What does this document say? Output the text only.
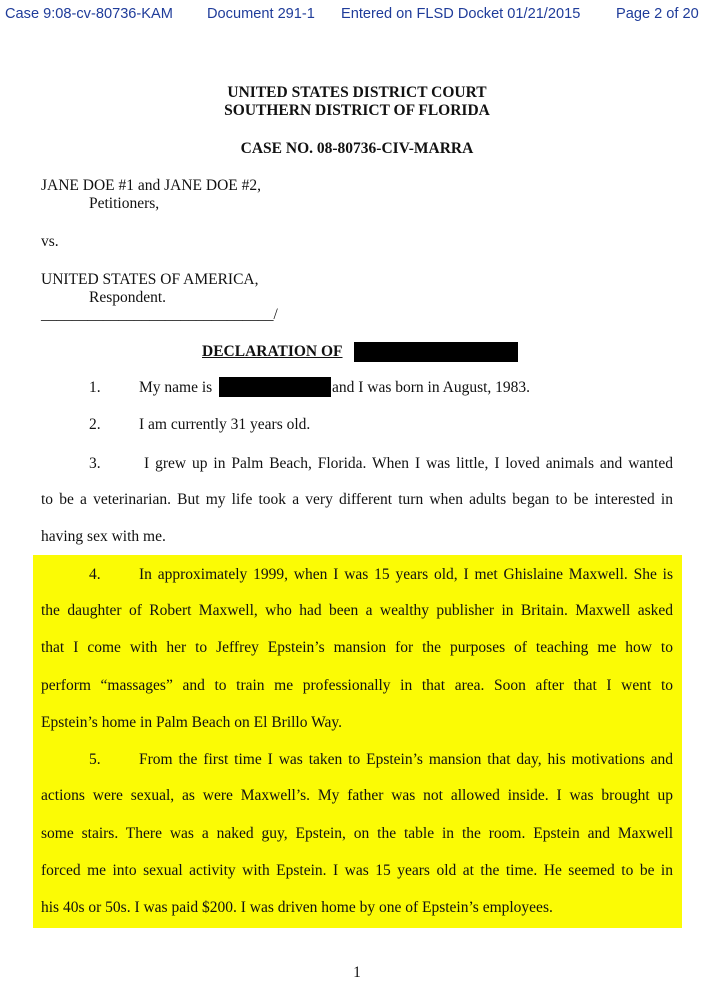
Case 9:08-cv-80736-KAM Document 291-1 Entered on FLSD Docket 01/21/2015 Page 2 of 20
UNITED STATES DISTRICT COURT
SOUTHERN DISTRICT OF FLORIDA
CASE NO. 08-80736-CIV-MARRA
JANE DOE #1 and JANE DOE #2,
Petitioners,
vs.
UNITED STATES OF AMERICA,
Respondent.
______________________________/
DECLARATION OF
1. My name is	and I was born in August, 1983.
2. I am currently 31 years old.
3.	I grew up in Palm Beach, Florida. When I was little, I loved animals and wanted
to be a veterinarian. But my life took a very different turn when adults began to be interested in
having sex with me.
4. In approximately 1999, when I was 15 years old, I met Ghislaine Maxwell. She is
the daughter of Robert Maxwell, who had been a wealthy publisher in Britain. Maxwell asked
that I come with her to Jeffrey Epstein’s mansion for the purposes of teaching me how to
perform “massages” and to train me professionally in that area. Soon after that I went to
Epstein’s home in Palm Beach on El Brillo Way.
5. From the first time I was taken to Epstein’s mansion that day, his motivations and
actions were sexual, as were Maxwell’s. My father was not allowed inside. I was brought up
some stairs. There was a naked guy, Epstein, on the table in the room. Epstein and Maxwell
forced me into sexual activity with Epstein. I was 15 years old at the time. He seemed to be in
his 40s or 50s. I was paid $200. I was driven home by one of Epstein’s employees.
1
